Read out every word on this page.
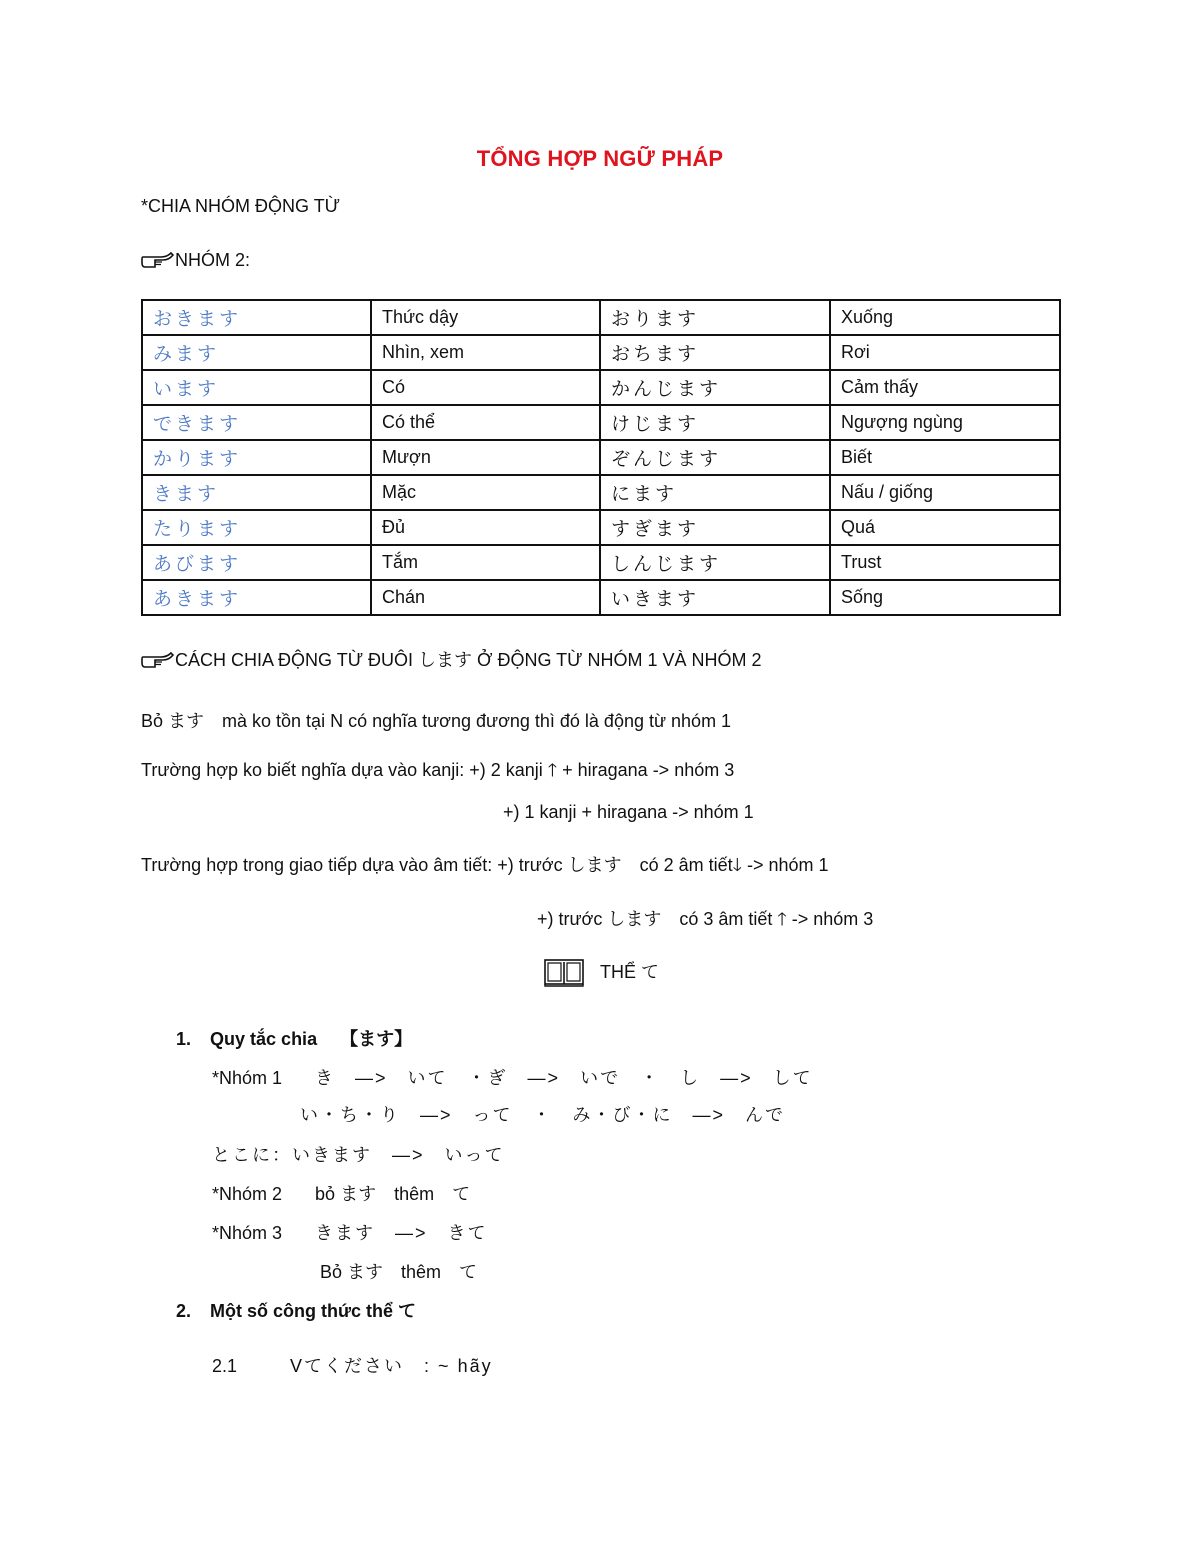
TỔNG HỢP NGỮ PHÁP
*CHIA NHÓM ĐỘNG TỪ
NHÓM 2:
おきます	Thức dậy	おります	Xuống
みます	Nhìn, xem	おちます	Rơi
います	Có	かんじます	Cảm thấy
できます	Có thể	けじます	Ngượng ngùng
かります	Mượn	ぞんじます	Biết
きます	Mặc	にます	Nấu / giống
たります	Đủ	すぎます	Quá
あびます	Tắm	しんじます	Trust
あきます	Chán	いきます	Sống
CÁCH CHIA ĐỘNG TỪ ĐUÔI します Ở ĐỘNG TỪ NHÓM 1 VÀ NHÓM 2
Bỏ ます　mà ko tồn tại N có nghĩa tương đương thì đó là động từ nhóm 1
Trường hợp ko biết nghĩa dựa vào kanji: +) 2 kanji 🡑 + hiragana -> nhóm 3
+) 1 kanji + hiragana -> nhóm 1
Trường hợp trong giao tiếp dựa vào âm tiết: +) trước します　có 2 âm tiết🡓 -> nhóm 1
+) trước します　có 3 âm tiết 🡑 -> nhóm 3
THỂ て
1. Quy tắc chia 【ます】
*Nhóm 1 き　―>　いて　・ぎ　―>　いで　・　し　―>　して
い・ち・り　―>　って　・　み・び・に　―>　んで
とこに：いきます　―>　いって
*Nhóm 2 bỏ ます　thêm　て
*Nhóm 3 きます　―>　きて
Bỏ ます　thêm　て
2. Một số công thức thể て
2.1	Vてください　: ~ hãy
